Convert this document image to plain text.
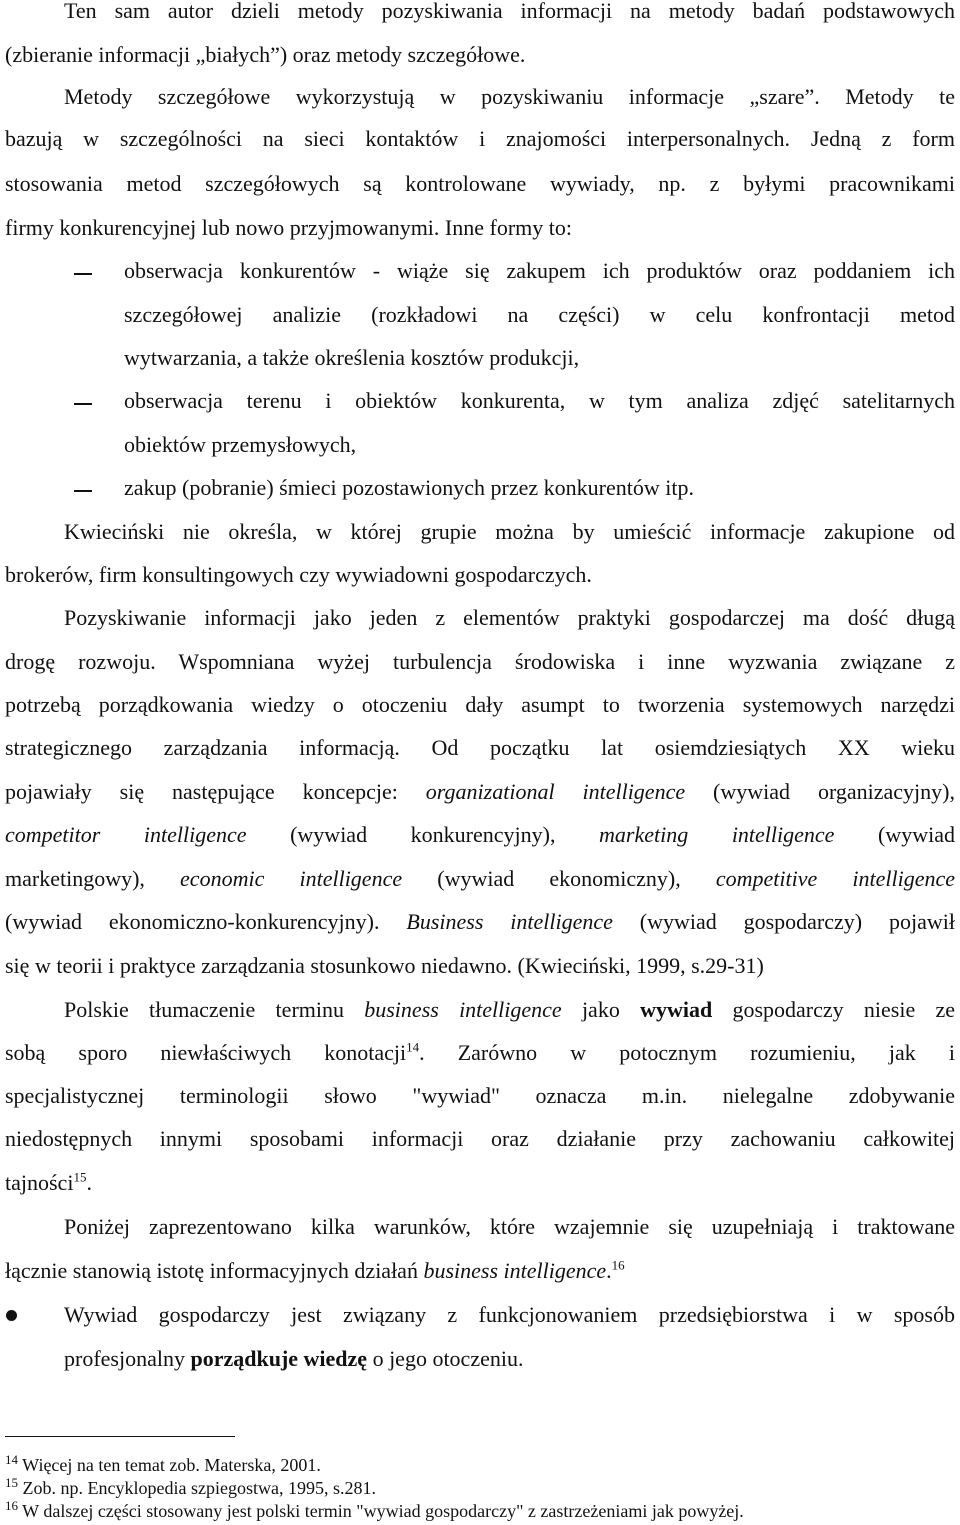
Ten sam autor dzieli metody pozyskiwania informacji na metody badań podstawowych
(zbieranie informacji „białych”) oraz metody szczegółowe.
Metody szczegółowe wykorzystują w pozyskiwaniu informacje „szare”. Metody te
bazują w szczególności na sieci kontaktów i znajomości interpersonalnych. Jedną z form
stosowania metod szczegółowych są kontrolowane wywiady, np. z byłymi pracownikami
firmy konkurencyjnej lub nowo przyjmowanymi. Inne formy to:
obserwacja konkurentów - wiąże się zakupem ich produktów oraz poddaniem ich
szczegółowej analizie (rozkładowi na części) w celu konfrontacji metod
wytwarzania, a także określenia kosztów produkcji,
obserwacja terenu i obiektów konkurenta, w tym analiza zdjęć satelitarnych
obiektów przemysłowych,
zakup (pobranie) śmieci pozostawionych przez konkurentów itp.
Kwieciński nie określa, w której grupie można by umieścić informacje zakupione od
brokerów, firm konsultingowych czy wywiadowni gospodarczych.
Pozyskiwanie informacji jako jeden z elementów praktyki gospodarczej ma dość długą
drogę rozwoju. Wspomniana wyżej turbulencja środowiska i inne wyzwania związane z
potrzebą porządkowania wiedzy o otoczeniu dały asumpt to tworzenia systemowych narzędzi
strategicznego zarządzania informacją. Od początku lat osiemdziesiątych XX wieku
pojawiały się następujące koncepcje: organizational intelligence (wywiad organizacyjny),
competitor intelligence (wywiad konkurencyjny), marketing intelligence (wywiad
marketingowy), economic intelligence (wywiad ekonomiczny), competitive intelligence
(wywiad ekonomiczno-konkurencyjny). Business intelligence (wywiad gospodarczy) pojawił
się w teorii i praktyce zarządzania stosunkowo niedawno. (Kwieciński, 1999, s.29-31)
Polskie tłumaczenie terminu business intelligence jako wywiad gospodarczy niesie ze
sobą sporo niewłaściwych konotacji$^{14}$. Zarówno w potocznym rozumieniu, jak i
specjalistycznej terminologii słowo "wywiad" oznacza m.in. nielegalne zdobywanie
niedostępnych innymi sposobami informacji oraz działanie przy zachowaniu całkowitej
tajności$^{15}$.
Poniżej zaprezentowano kilka warunków, które wzajemnie się uzupełniają i traktowane
łącznie stanowią istotę informacyjnych działań business intelligence.$^{16}$
Wywiad gospodarczy jest związany z funkcjonowaniem przedsiębiorstwa i w sposób
profesjonalny porządkuje wiedzę o jego otoczeniu.
$^{14}$ Więcej na ten temat zob. Materska, 2001.
$^{15}$ Zob. np. Encyklopedia szpiegostwa, 1995, s.281.
$^{16}$ W dalszej części stosowany jest polski termin "wywiad gospodarczy" z zastrzeżeniami jak powyżej.
